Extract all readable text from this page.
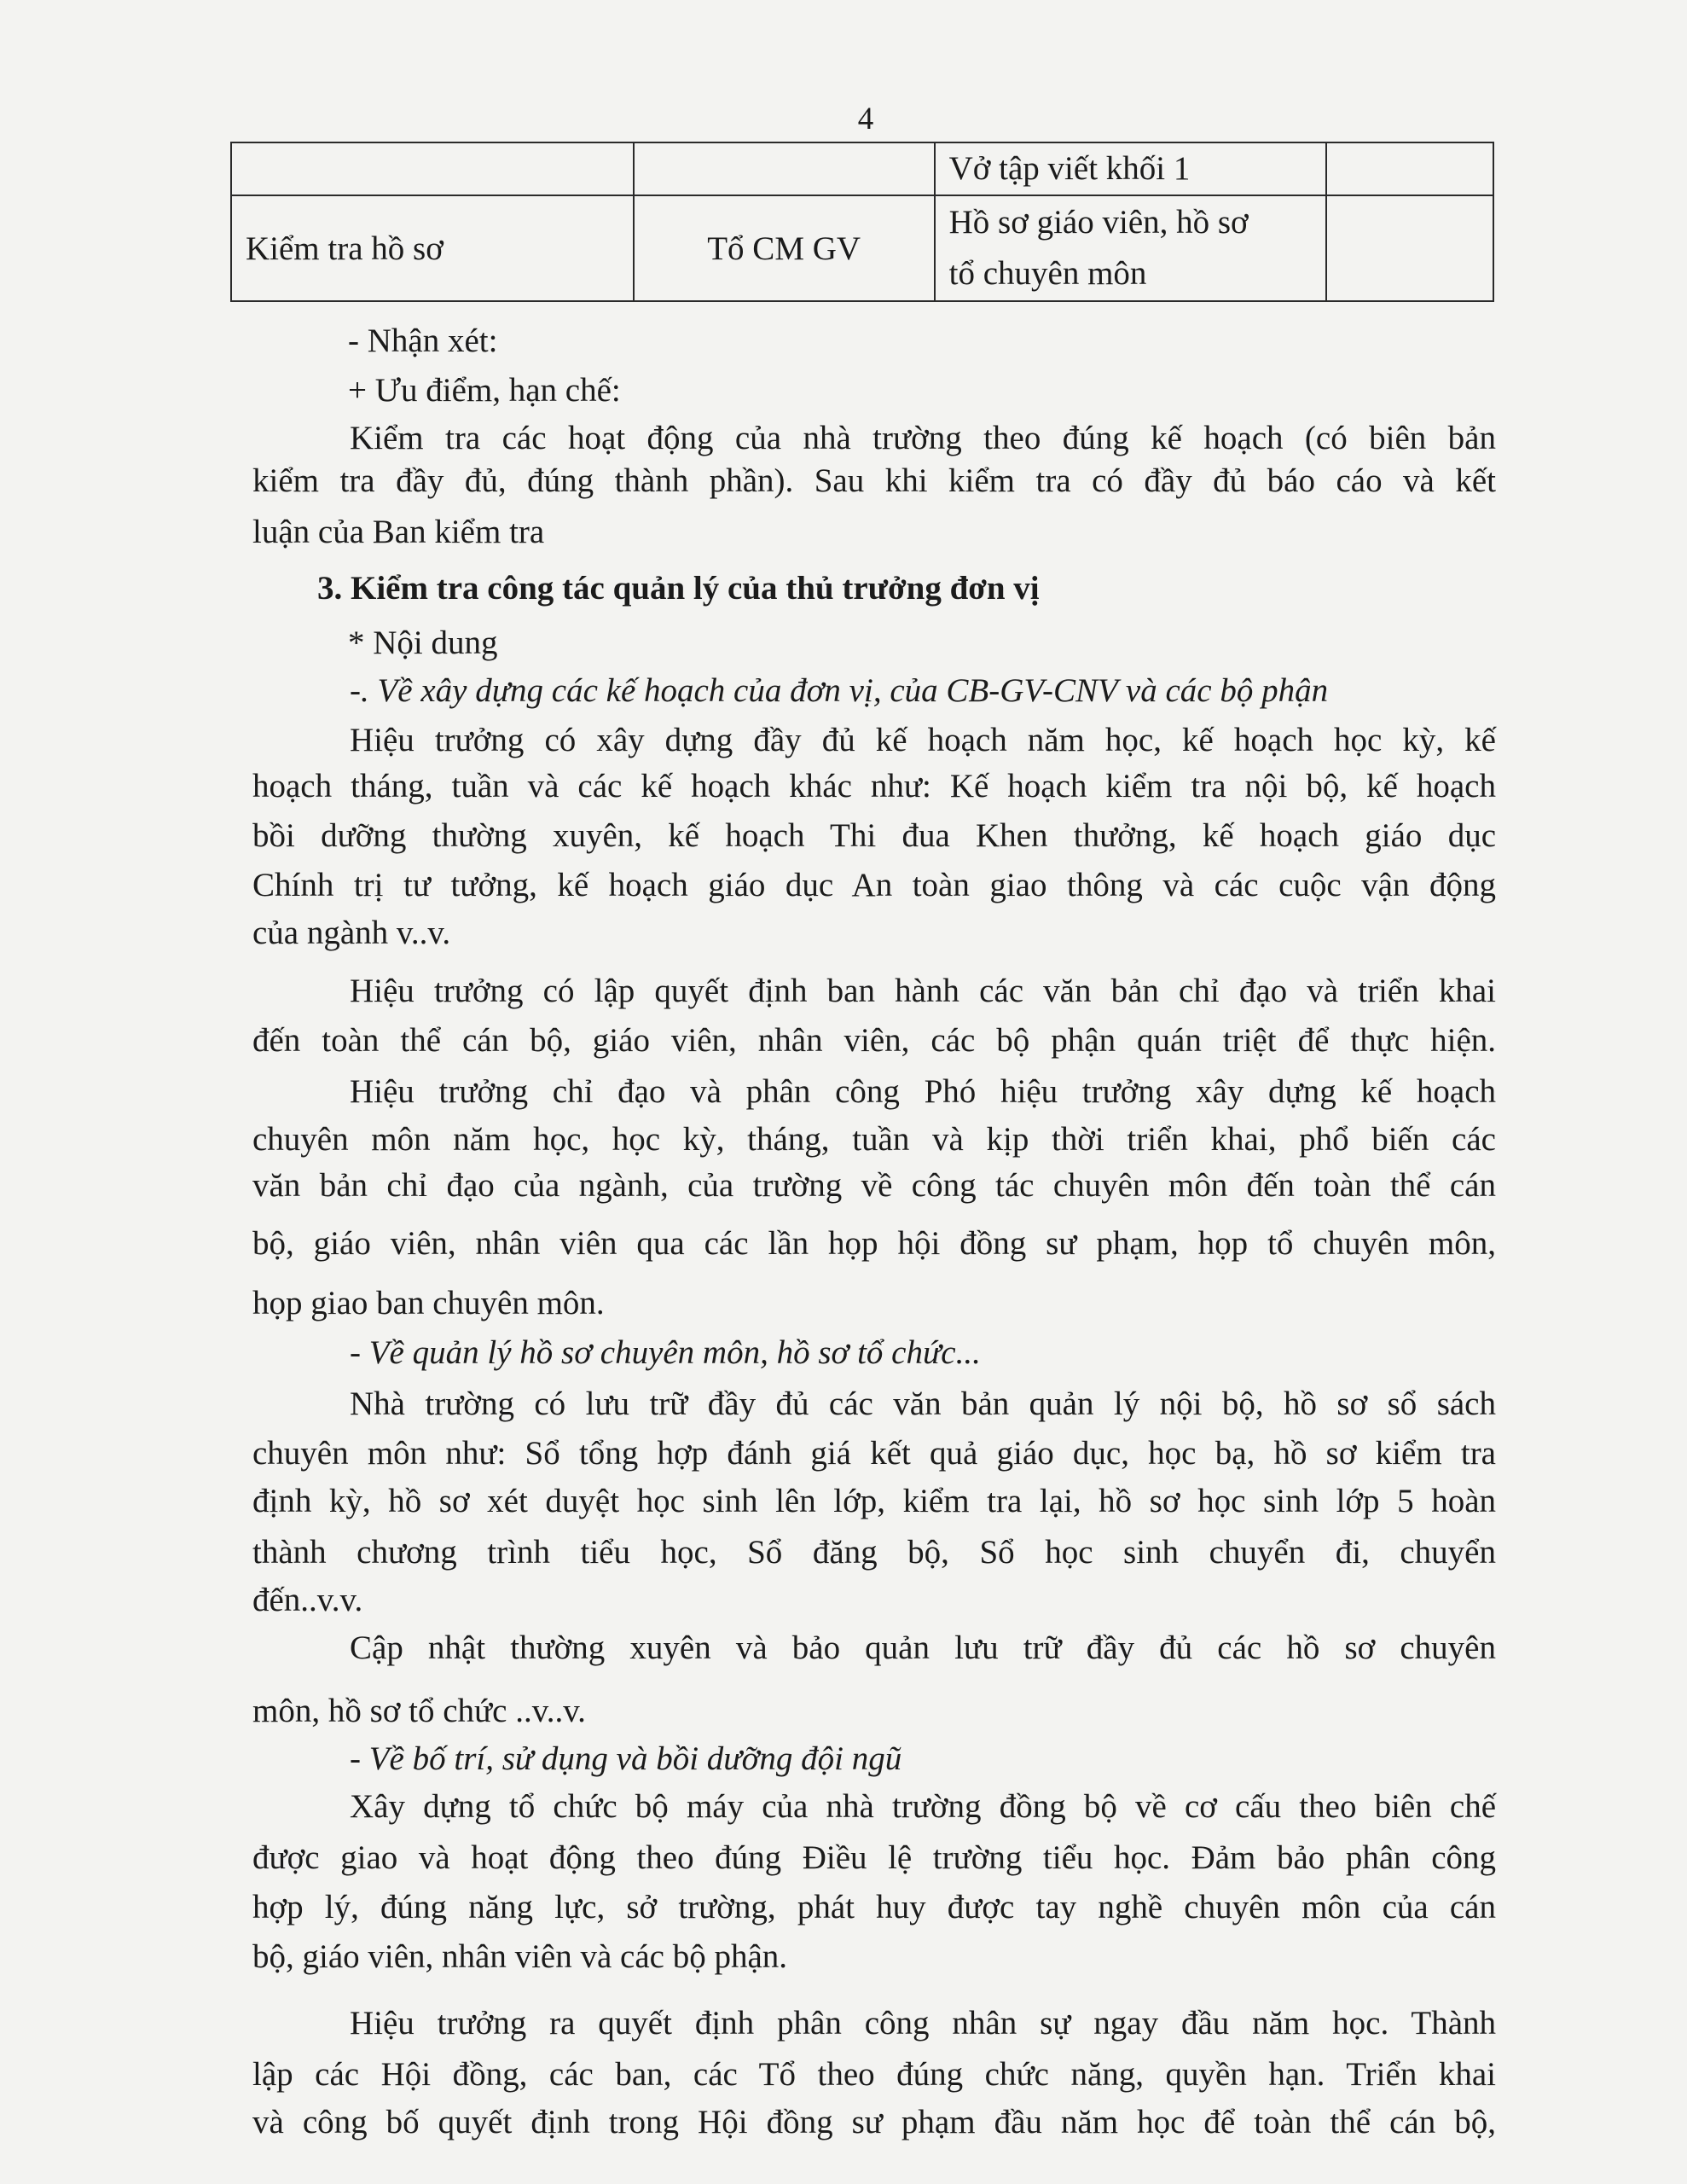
4
		Vở tập viết khối 1	
Kiểm tra hồ sơ	Tổ CM GV	Hồ sơ giáo viên, hồ sơ
tổ chuyên môn	
- Nhận xét:
+ Ưu điểm, hạn chế:
Kiểm tra các hoạt động của nhà trường theo đúng kế hoạch (có biên bản
kiểm tra đầy đủ, đúng thành phần). Sau khi kiểm tra có đầy đủ báo cáo và kết
luận của Ban kiểm tra
3. Kiểm tra công tác quản lý của thủ trưởng đơn vị
* Nội dung
-. Về xây dựng các kế hoạch của đơn vị, của CB-GV-CNV và các bộ phận
Hiệu trưởng có xây dựng đầy đủ kế hoạch năm học, kế hoạch học kỳ, kế
hoạch tháng, tuần và các kế hoạch khác như: Kế hoạch kiểm tra nội bộ, kế hoạch
bồi dưỡng thường xuyên, kế hoạch Thi đua Khen thưởng, kế hoạch giáo dục
Chính trị tư tưởng, kế hoạch giáo dục An toàn giao thông và các cuộc vận động
của ngành v..v.
Hiệu trưởng có lập quyết định ban hành các văn bản chỉ đạo và triển khai
đến toàn thể cán bộ, giáo viên, nhân viên, các bộ phận quán triệt để thực hiện.
Hiệu trưởng chỉ đạo và phân công Phó hiệu trưởng xây dựng kế hoạch
chuyên môn năm học, học kỳ, tháng, tuần và kịp thời triển khai, phổ biến các
văn bản chỉ đạo của ngành, của trường về công tác chuyên môn đến toàn thể cán
bộ, giáo viên, nhân viên qua các lần họp hội đồng sư phạm, họp tổ chuyên môn,
họp giao ban chuyên môn.
- Về quản lý hồ sơ chuyên môn, hồ sơ tổ chức...
Nhà trường có lưu trữ đầy đủ các văn bản quản lý nội bộ, hồ sơ sổ sách
chuyên môn như: Sổ tổng hợp đánh giá kết quả giáo dục, học bạ, hồ sơ kiểm tra
định kỳ, hồ sơ xét duyệt học sinh lên lớp, kiểm tra lại, hồ sơ học sinh lớp 5 hoàn
thành chương trình tiểu học, Sổ đăng bộ, Sổ học sinh chuyển đi, chuyển
đến..v.v.
Cập nhật thường xuyên và bảo quản lưu trữ đầy đủ các hồ sơ chuyên
môn, hồ sơ tổ chức ..v..v.
- Về bố trí, sử dụng và bồi dưỡng đội ngũ
Xây dựng tổ chức bộ máy của nhà trường đồng bộ về cơ cấu theo biên chế
được giao và hoạt động theo đúng Điều lệ trường tiểu học. Đảm bảo phân công
hợp lý, đúng năng lực, sở trường, phát huy được tay nghề chuyên môn của cán
bộ, giáo viên, nhân viên và các bộ phận.
Hiệu trưởng ra quyết định phân công nhân sự ngay đầu năm học. Thành
lập các Hội đồng, các ban, các Tổ theo đúng chức năng, quyền hạn. Triển khai
và công bố quyết định trong Hội đồng sư phạm đầu năm học để toàn thể cán bộ,
